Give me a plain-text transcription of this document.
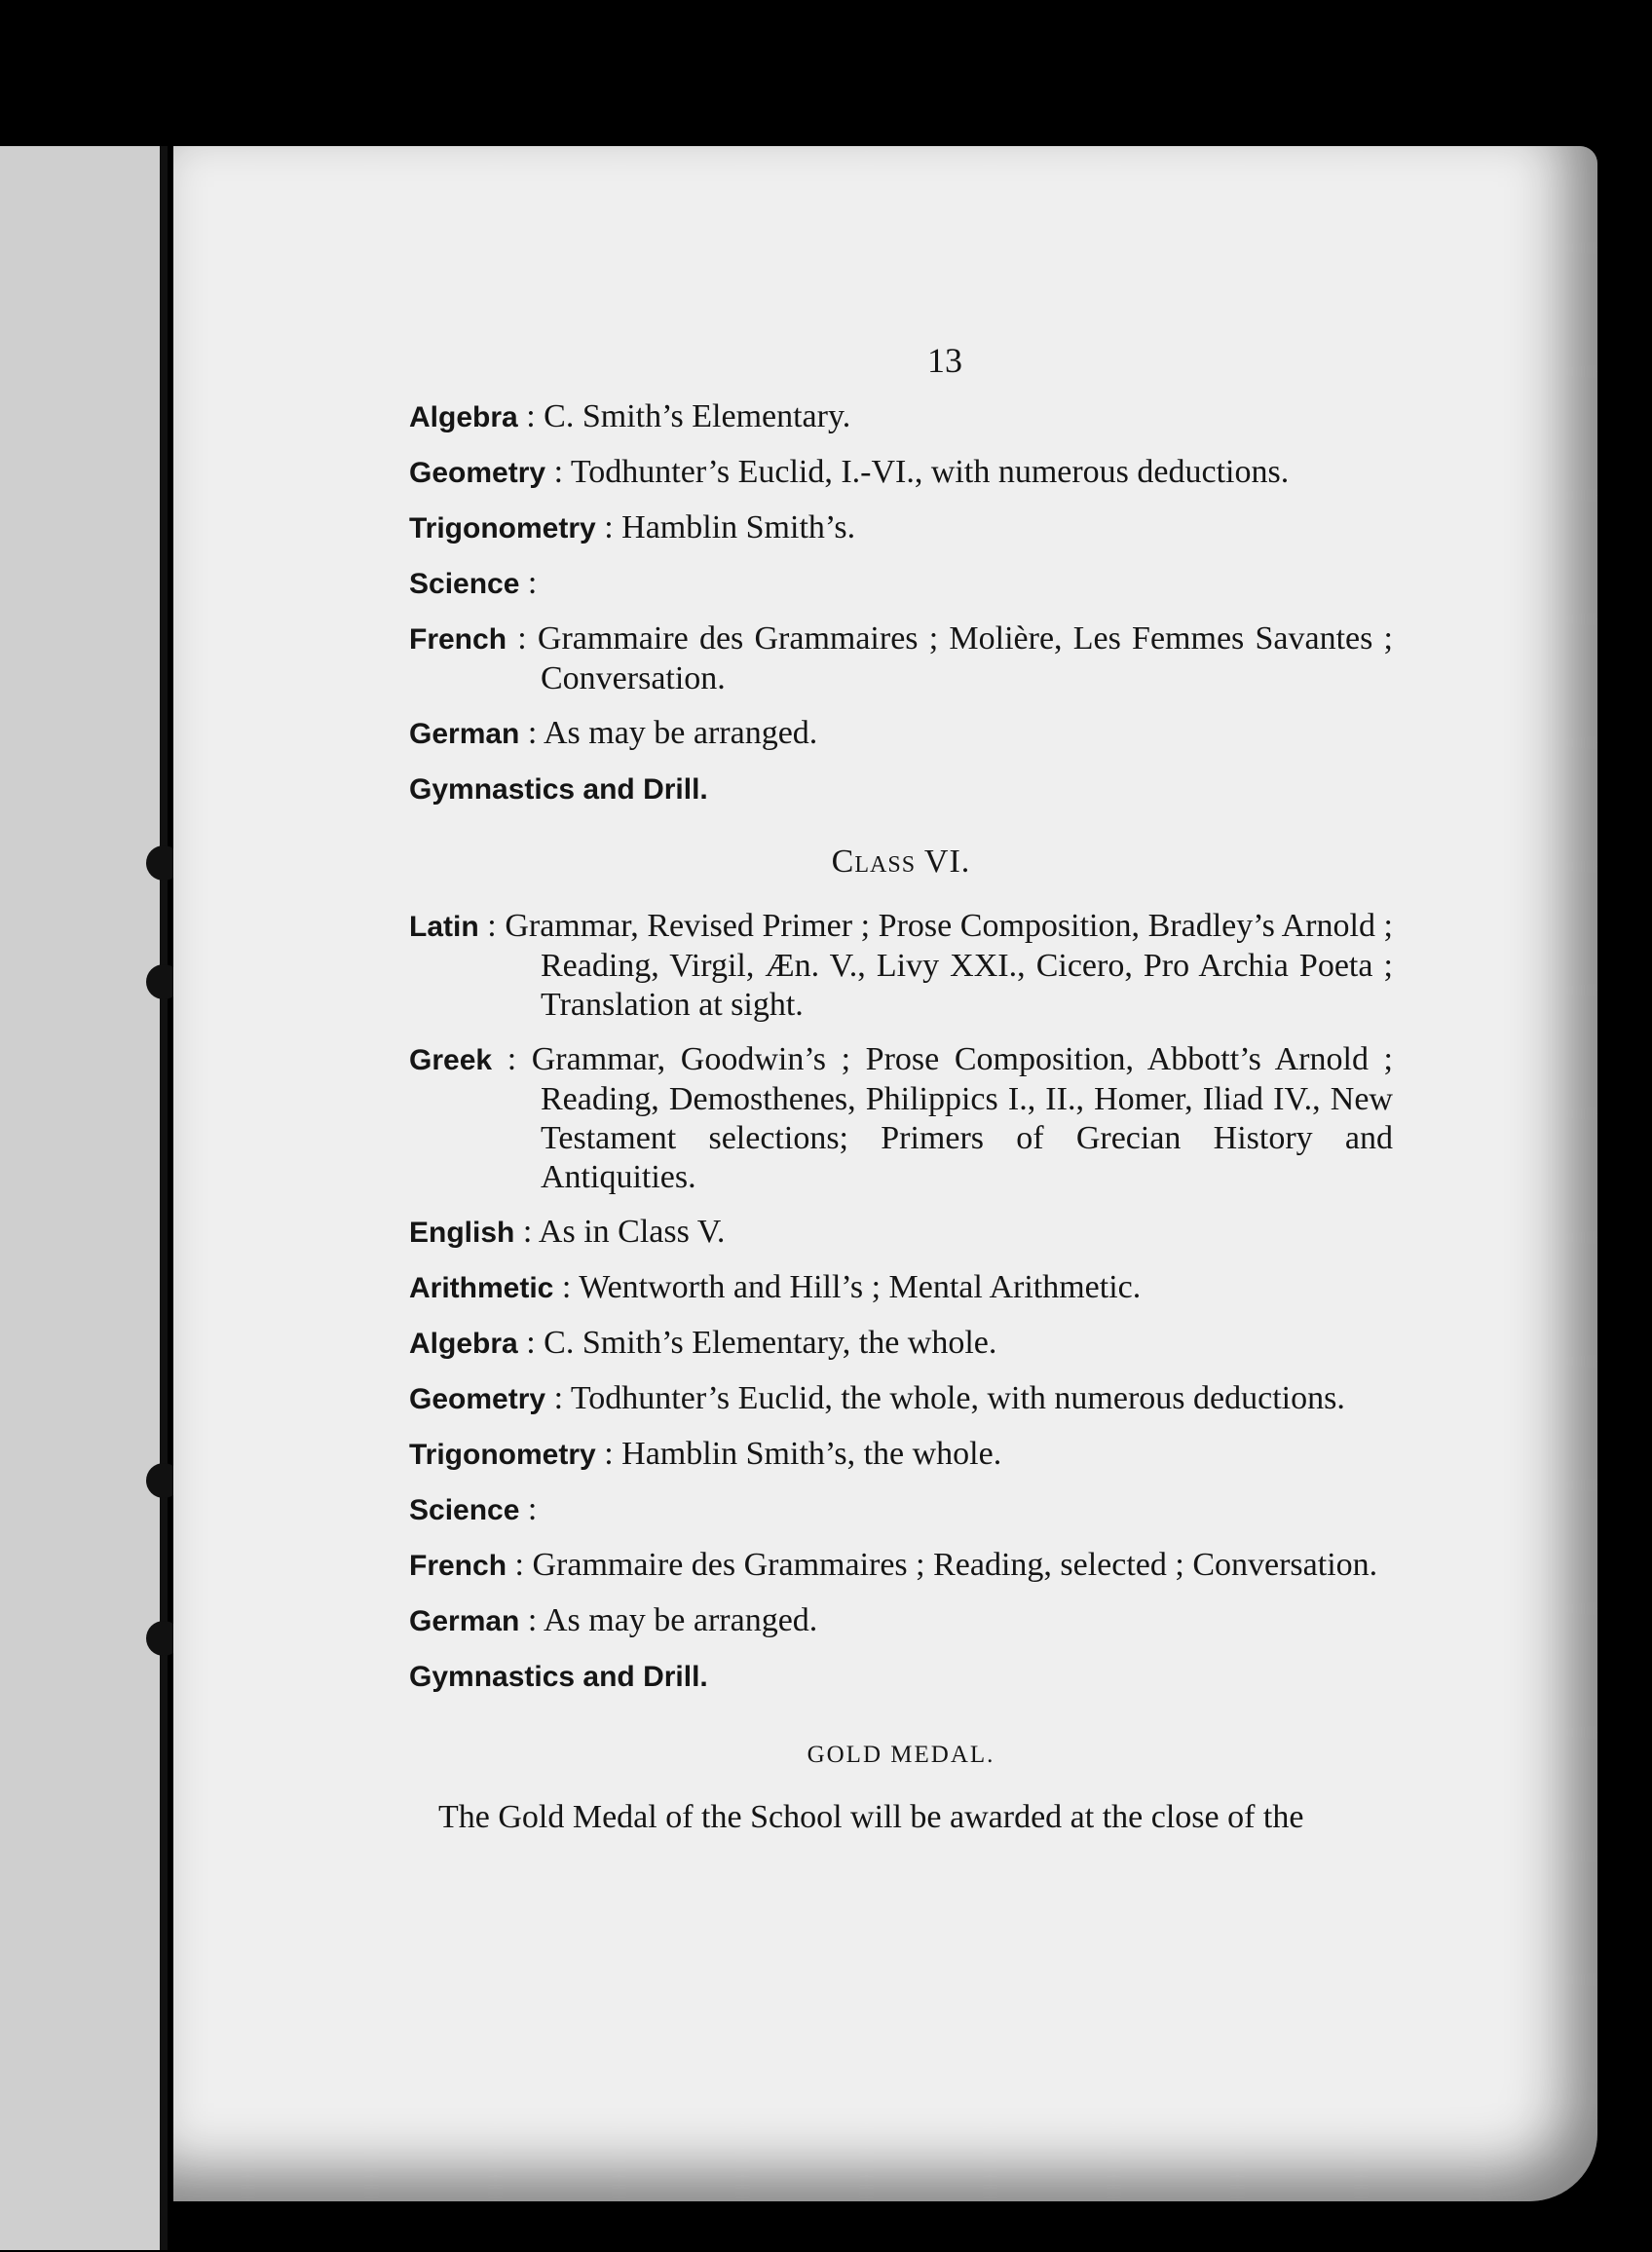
13

Algebra : C. Smith’s Elementary.

Geometry : Todhunter’s Euclid, I.-VI., with numerous deductions.

Trigonometry : Hamblin Smith’s.

Science :

French : Grammaire des Grammaires ; Molière, Les Femmes Savantes ; Conversation.

German : As may be arranged.

Gymnastics and Drill.

Class VI.

Latin : Grammar, Revised Primer ; Prose Composition, Bradley’s Arnold ; Reading, Virgil, Æn. V., Livy XXI., Cicero, Pro Archia Poeta ; Translation at sight.

Greek : Grammar, Goodwin’s ; Prose Composition, Abbott’s Arnold ; Reading, Demosthenes, Philippics I., II., Homer, Iliad IV., New Testament selections; Primers of Grecian History and Antiquities.

English : As in Class V.

Arithmetic : Wentworth and Hill’s ; Mental Arithmetic.

Algebra : C. Smith’s Elementary, the whole.

Geometry : Todhunter’s Euclid, the whole, with numerous deductions.

Trigonometry : Hamblin Smith’s, the whole.

Science :

French : Grammaire des Grammaires ; Reading, selected ; Conversation.

German : As may be arranged.

Gymnastics and Drill.

GOLD MEDAL.

The Gold Medal of the School will be awarded at the close of the
